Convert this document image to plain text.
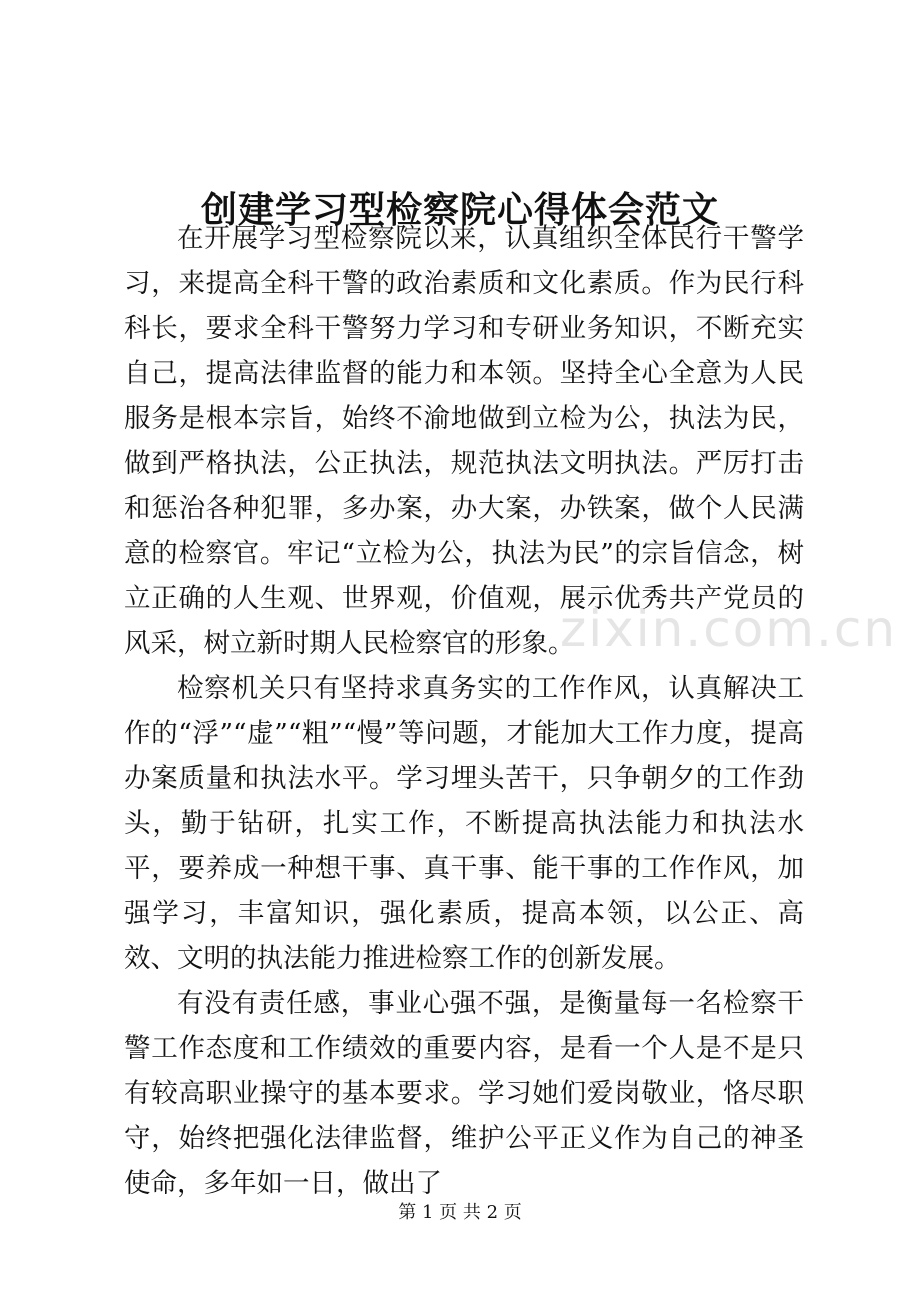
创建学习型检察院心得体会范文

在开展学习型检察院以来，认真组织全体民行干警学习，来提高全科干警的政治素质和文化素质。作为民行科科长，要求全科干警努力学习和专研业务知识，不断充实自己，提高法律监督的能力和本领。坚持全心全意为人民服务是根本宗旨，始终不渝地做到立检为公，执法为民，做到严格执法，公正执法，规范执法文明执法。严厉打击和惩治各种犯罪，多办案，办大案，办铁案，做个人民满意的检察官。牢记“立检为公，执法为民”的宗旨信念，树立正确的人生观、世界观，价值观，展示优秀共产党员的风采，树立新时期人民检察官的形象。

检察机关只有坚持求真务实的工作作风，认真解决工作的“浮”“虚”“粗”“慢”等问题，才能加大工作力度，提高办案质量和执法水平。学习埋头苦干，只争朝夕的工作劲头，勤于钻研，扎实工作，不断提高执法能力和执法水平，要养成一种想干事、真干事、能干事的工作作风，加强学习，丰富知识，强化素质，提高本领，以公正、高效、文明的执法能力推进检察工作的创新发展。

有没有责任感，事业心强不强，是衡量每一名检察干警工作态度和工作绩效的重要内容，是看一个人是不是只有较高职业操守的基本要求。学习她们爱岗敬业，恪尽职守，始终把强化法律监督，维护公平正义作为自己的神圣使命，多年如一日，做出了

zixin.com.cn
第 1 页 共 2 页
